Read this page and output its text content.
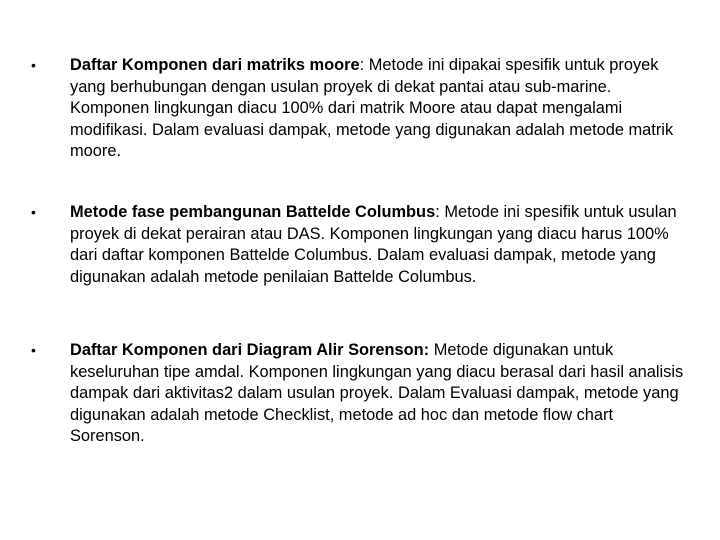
• Daftar Komponen dari matriks moore: Metode ini dipakai spesifik untuk proyek yang berhubungan dengan usulan proyek di dekat pantai atau sub-marine. Komponen lingkungan diacu 100% dari matrik Moore atau dapat mengalami modifikasi. Dalam evaluasi dampak, metode yang digunakan adalah metode matrik moore.

• Metode fase pembangunan Battelde Columbus: Metode ini spesifik untuk usulan proyek di dekat perairan atau DAS. Komponen lingkungan yang diacu harus 100% dari daftar komponen Battelde Columbus. Dalam evaluasi dampak, metode yang digunakan adalah metode penilaian Battelde Columbus.

• Daftar Komponen dari Diagram Alir Sorenson: Metode digunakan untuk keseluruhan tipe amdal. Komponen lingkungan yang diacu berasal dari hasil analisis dampak dari aktivitas2 dalam usulan proyek. Dalam Evaluasi dampak, metode yang digunakan adalah metode Checklist, metode ad hoc dan metode flow chart Sorenson.
